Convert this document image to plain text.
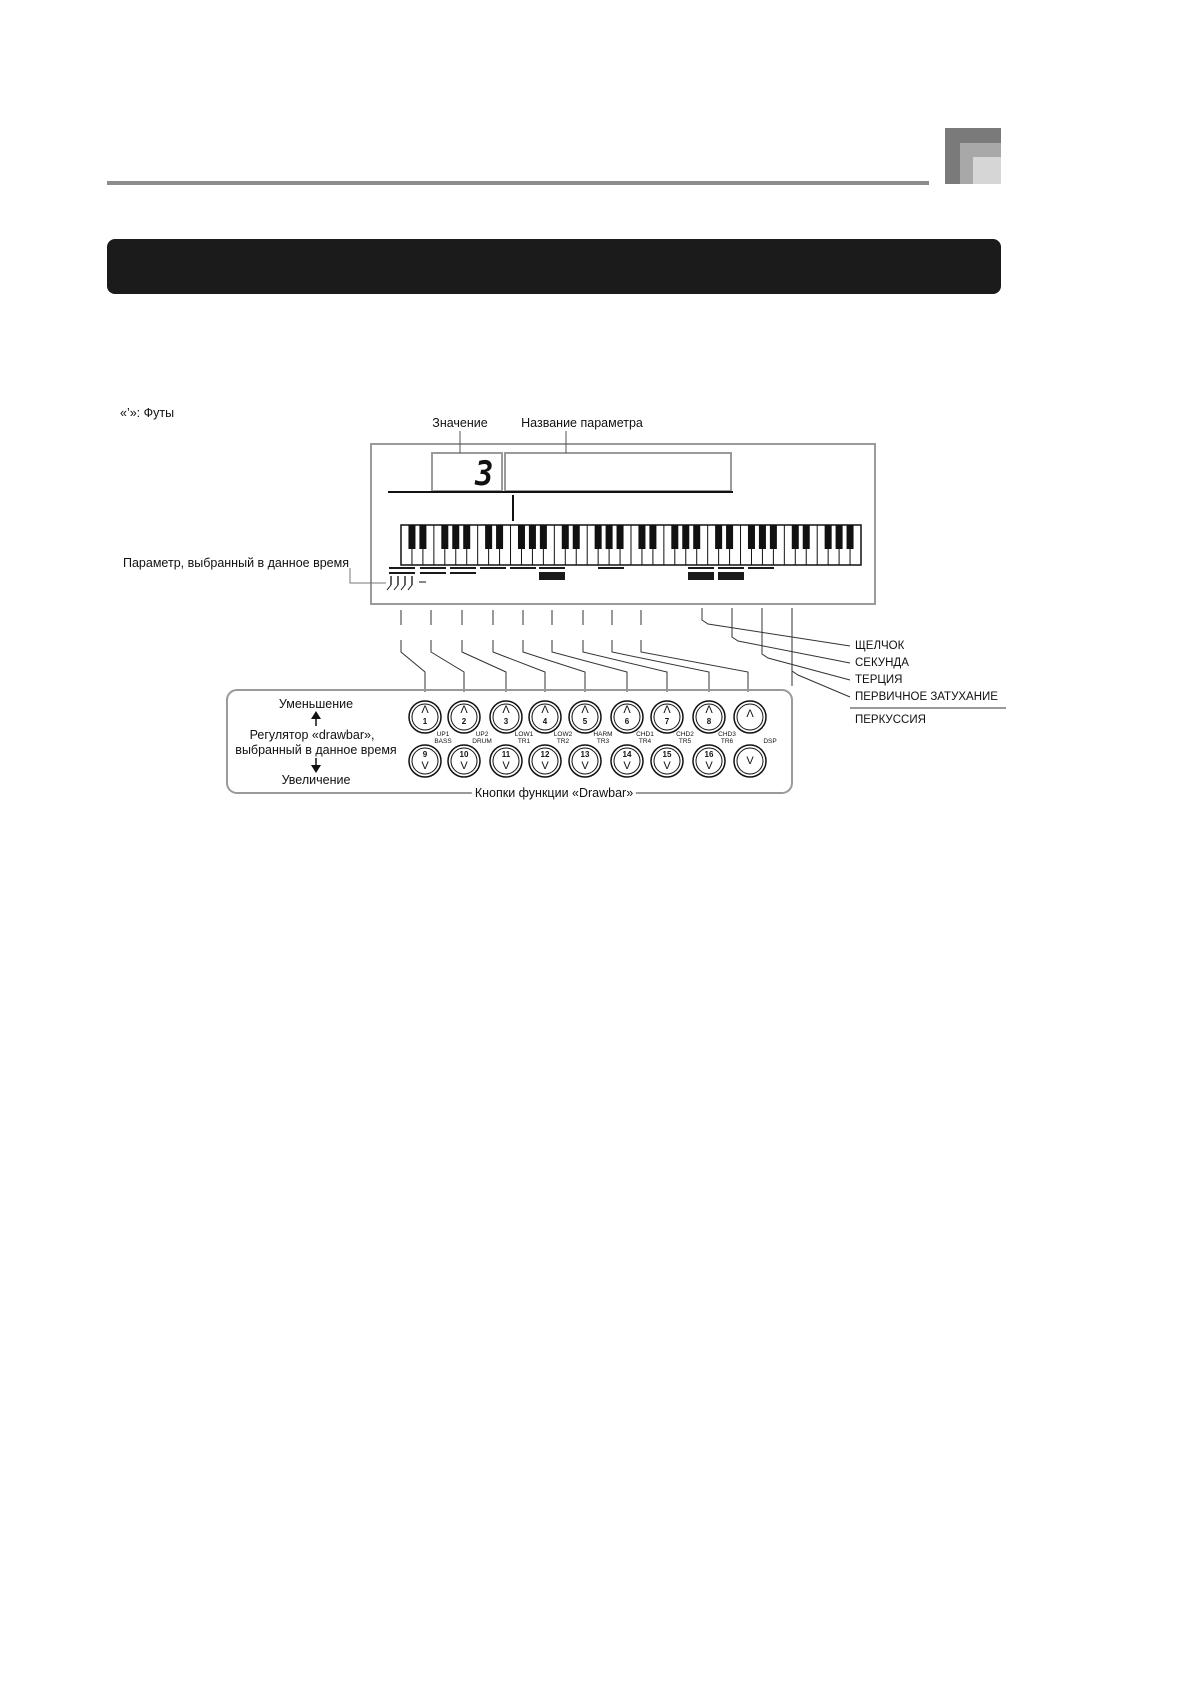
«’»: Футы
Значение	Название параметра
3
Параметр, выбранный в данное время
ЩЕЛЧОК
СЕКУНДА
ТЕРЦИЯ
ПЕРВИЧНОЕ ЗАТУХАНИЕ
ПЕРКУССИЯ
Уменьшение
Регулятор «drawbar»,
выбранный в данное время
Увеличение
Кнопки функции «Drawbar»
Λ
1
9
V
UP1
BASS
Λ
2
10
V
UP2
DRUM
Λ
3
11
V
LOW1
TR1
Λ
4
12
V
LOW2
TR2
Λ
5
13
V
HARM
TR3
Λ
6
14
V
CHD1
TR4
Λ
7
15
V
CHD2
TR5
Λ
8
16
V
CHD3
TR6
Λ
V
DSP
